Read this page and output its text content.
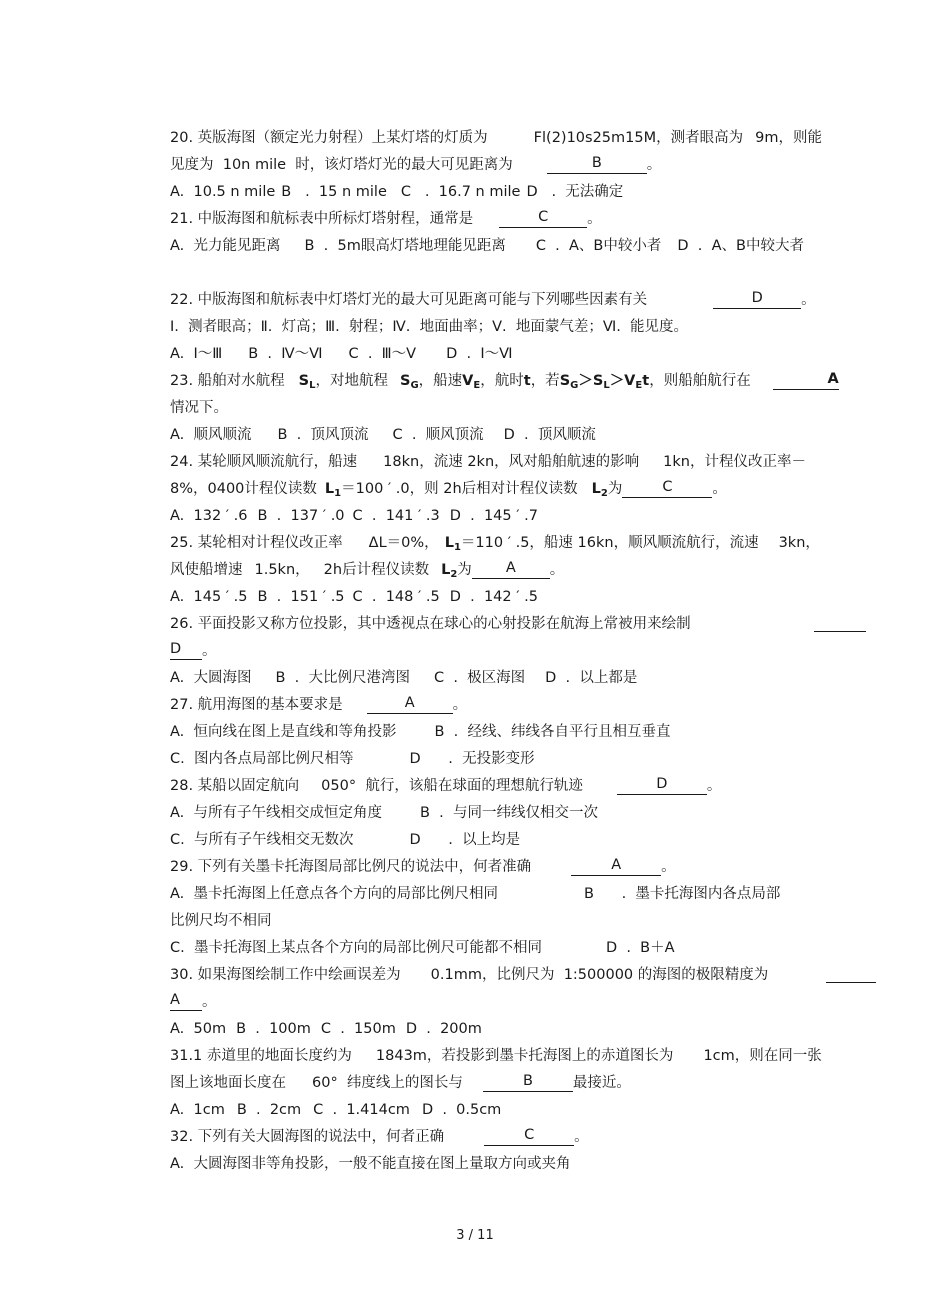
20. 英版海图（额定光力射程）上某灯塔的灯质为	Fl(2)10s25m15M，测者眼高为 9m，则能
见度为  10n mile  时，该灯塔灯光的最大可见距离为	B	。
A.  10.5 n mile B   .  15 n mile C   .  16.7 n mile D   .  无法确定
21. 中版海图和航标表中所标灯塔射程，通常是	C	。
A.  光力能见距离 B  .  5m眼高灯塔地理能见距离 C  .  A、B中较小者 D  .  A、B中较大者
22. 中版海图和航标表中灯塔灯光的最大可见距离可能与下列哪些因素有关	D	。
Ⅰ.  测者眼高；Ⅱ.  灯高；Ⅲ.  射程；Ⅳ.  地面曲率；Ⅴ.  地面蒙气差；Ⅵ.  能见度。
A.  Ⅰ～Ⅲ B  .  Ⅳ～Ⅵ C  .  Ⅲ～Ⅴ D  .  Ⅰ～Ⅵ
23. 船舶对水航程 $S_L$，对地航程 $S_G$，船速$V_E$，航时t，若$S_G>S_L>V_Et$，则船舶航行在	A
情况下。
A.  顺风顺流 B  .  顶风顶流 C  .  顺风顶流 D  .  顶风顺流
24. 某轮顺风顺流航行，船速 18kn，流速 2kn，风对船舶航速的影响 1kn，计程仪改正率－
8%，0400计程仪读数 $L_1=100$ ′ .0，则 2h后相对计程仪读数 $L_2$为	C	。
A.  132 ′ .6 B  .  137 ′ .0 C  .  141 ′ .3 D  .  145 ′ .7
25. 某轮相对计程仪改正率 ΔL＝0%， $L_1=110$ ′ .5，船速 16kn，顺风顺流航行，流速 3kn，
风使船增速 1.5kn， 2h后计程仪读数 $L_2$为 A 。
A.  145 ′ .5 B  .  151 ′ .5 C  .  148 ′ .5 D  .  142 ′ .5
26. 平面投影又称方位投影，其中透视点在球心的心射投影在航海上常被用来绘制
D 。
A.  大圆海图 B  .  大比例尺港湾图 C  .  极区海图 D  .  以上都是
27. 航用海图的基本要求是	A	。
A.  恒向线在图上是直线和等角投影	B  .  经线、纬线各自平行且相互垂直
C.  图内各点局部比例尺相等	D      .  无投影变形
28. 某船以固定航向 050°  航行，该船在球面的理想航行轨迹	D	。
A.  与所有子午线相交成恒定角度	B  .  与同一纬线仅相交一次
C.  与所有子午线相交无数次	D      .  以上均是
29. 下列有关墨卡托海图局部比例尺的说法中，何者准确	A	。
A.  墨卡托海图上任意点各个方向的局部比例尺相同	B      .  墨卡托海图内各点局部
比例尺均不相同
C.  墨卡托海图上某点各个方向的局部比例尺可能都不相同	D  .  B＋A
30. 如果海图绘制工作中绘画误差为 0.1mm，比例尺为  1:500000 的海图的极限精度为
A 。
A.  50m B  .  100m C  .  150m D  .  200m
31.1 赤道里的地面长度约为 1843m，若投影到墨卡托海图上的赤道图长为 1cm，则在同一张
图上该地面长度在 60°  纬度线上的图长与	B	最接近。
A.  1cm B  .  2cm C  .  1.414cm D  .  0.5cm
32. 下列有关大圆海图的说法中，何者正确	C	。
A.  大圆海图非等角投影，一般不能直接在图上量取方向或夹角
3 / 11
